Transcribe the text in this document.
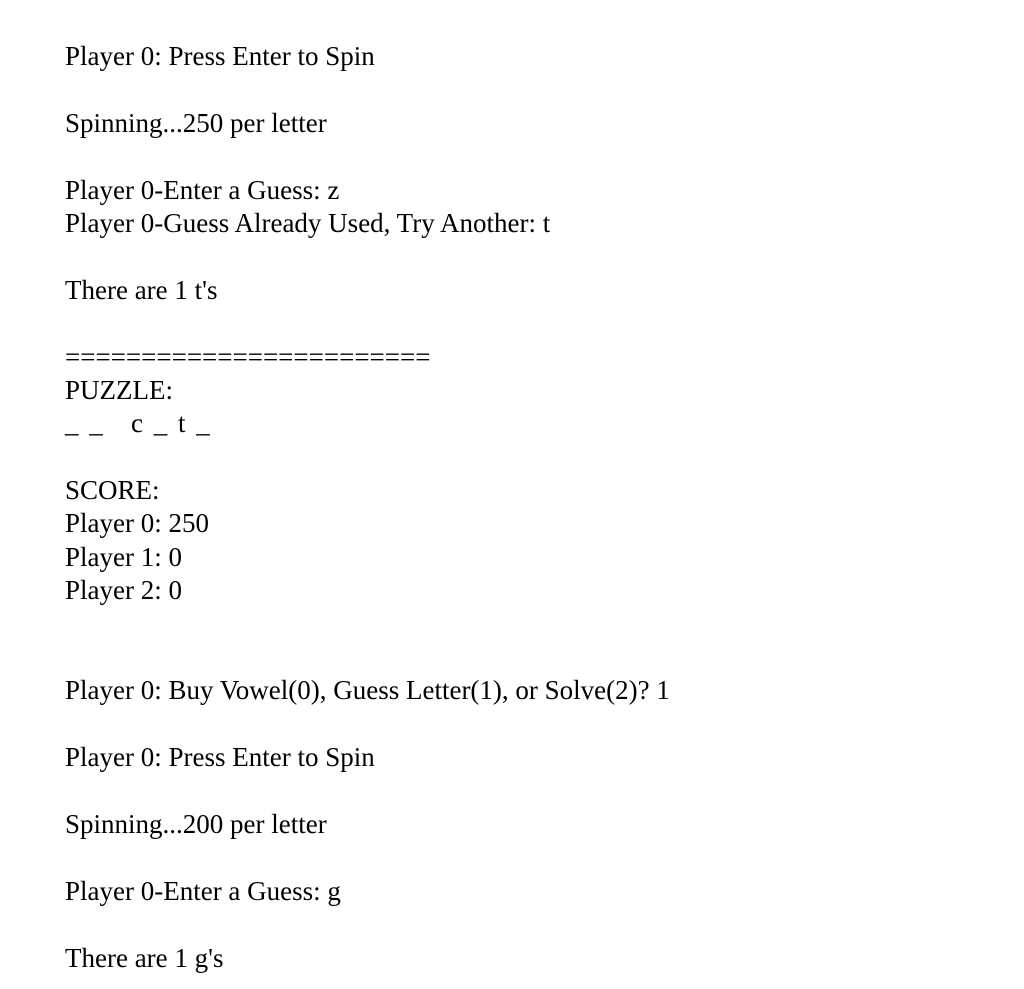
Player 0: Press Enter to Spin
Spinning...250 per letter
Player 0-Enter a Guess: z
Player 0-Guess Already Used, Try Another: t
There are 1 t's
========================
PUZZLE:
_ _   c _ t _
SCORE:
Player 0: 250
Player 1: 0
Player 2: 0
Player 0: Buy Vowel(0), Guess Letter(1), or Solve(2)? 1
Player 0: Press Enter to Spin
Spinning...200 per letter
Player 0-Enter a Guess: g
There are 1 g's
